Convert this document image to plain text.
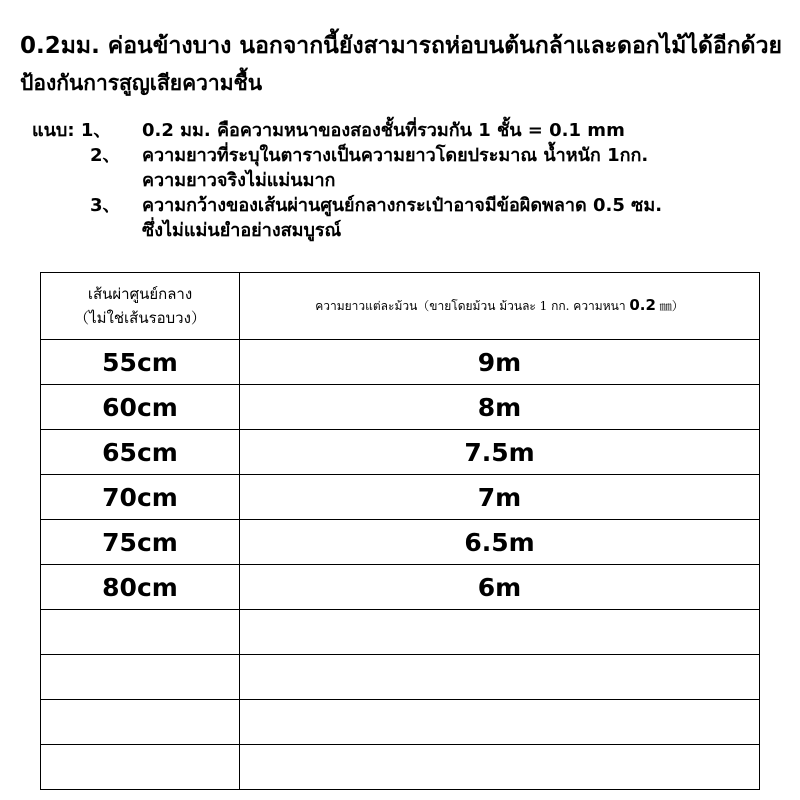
0.2มม. ค่อนข้างบาง นอกจากนี้ยังสามารถห่อบนต้นกล้าและดอกไม้ได้อีกด้วย
ป้องกันการสูญเสียความชื้น
แนบ: 1、	0.2 มม. คือความหนาของสองชั้นที่รวมกัน 1 ชั้น = 0.1 mm
2、	ความยาวที่ระบุในตารางเป็นความยาวโดยประมาณ น้ำหนัก 1กก.
ความยาวจริงไม่แม่นมาก
3、	ความกว้างของเส้นผ่านศูนย์กลางกระเป๋าอาจมีข้อผิดพลาด 0.5 ซม.
ซึ่งไม่แม่นยำอย่างสมบูรณ์
เส้นผ่าศูนย์กลาง
（ไม่ใช่เส้นรอบวง）	ความยาวแต่ละม้วน（ขายโดยม้วน ม้วนละ 1 กก. ความหนา 0.2 ㎜）
55cm	9m
60cm	8m
65cm	7.5m
70cm	7m
75cm	6.5m
80cm	6m
